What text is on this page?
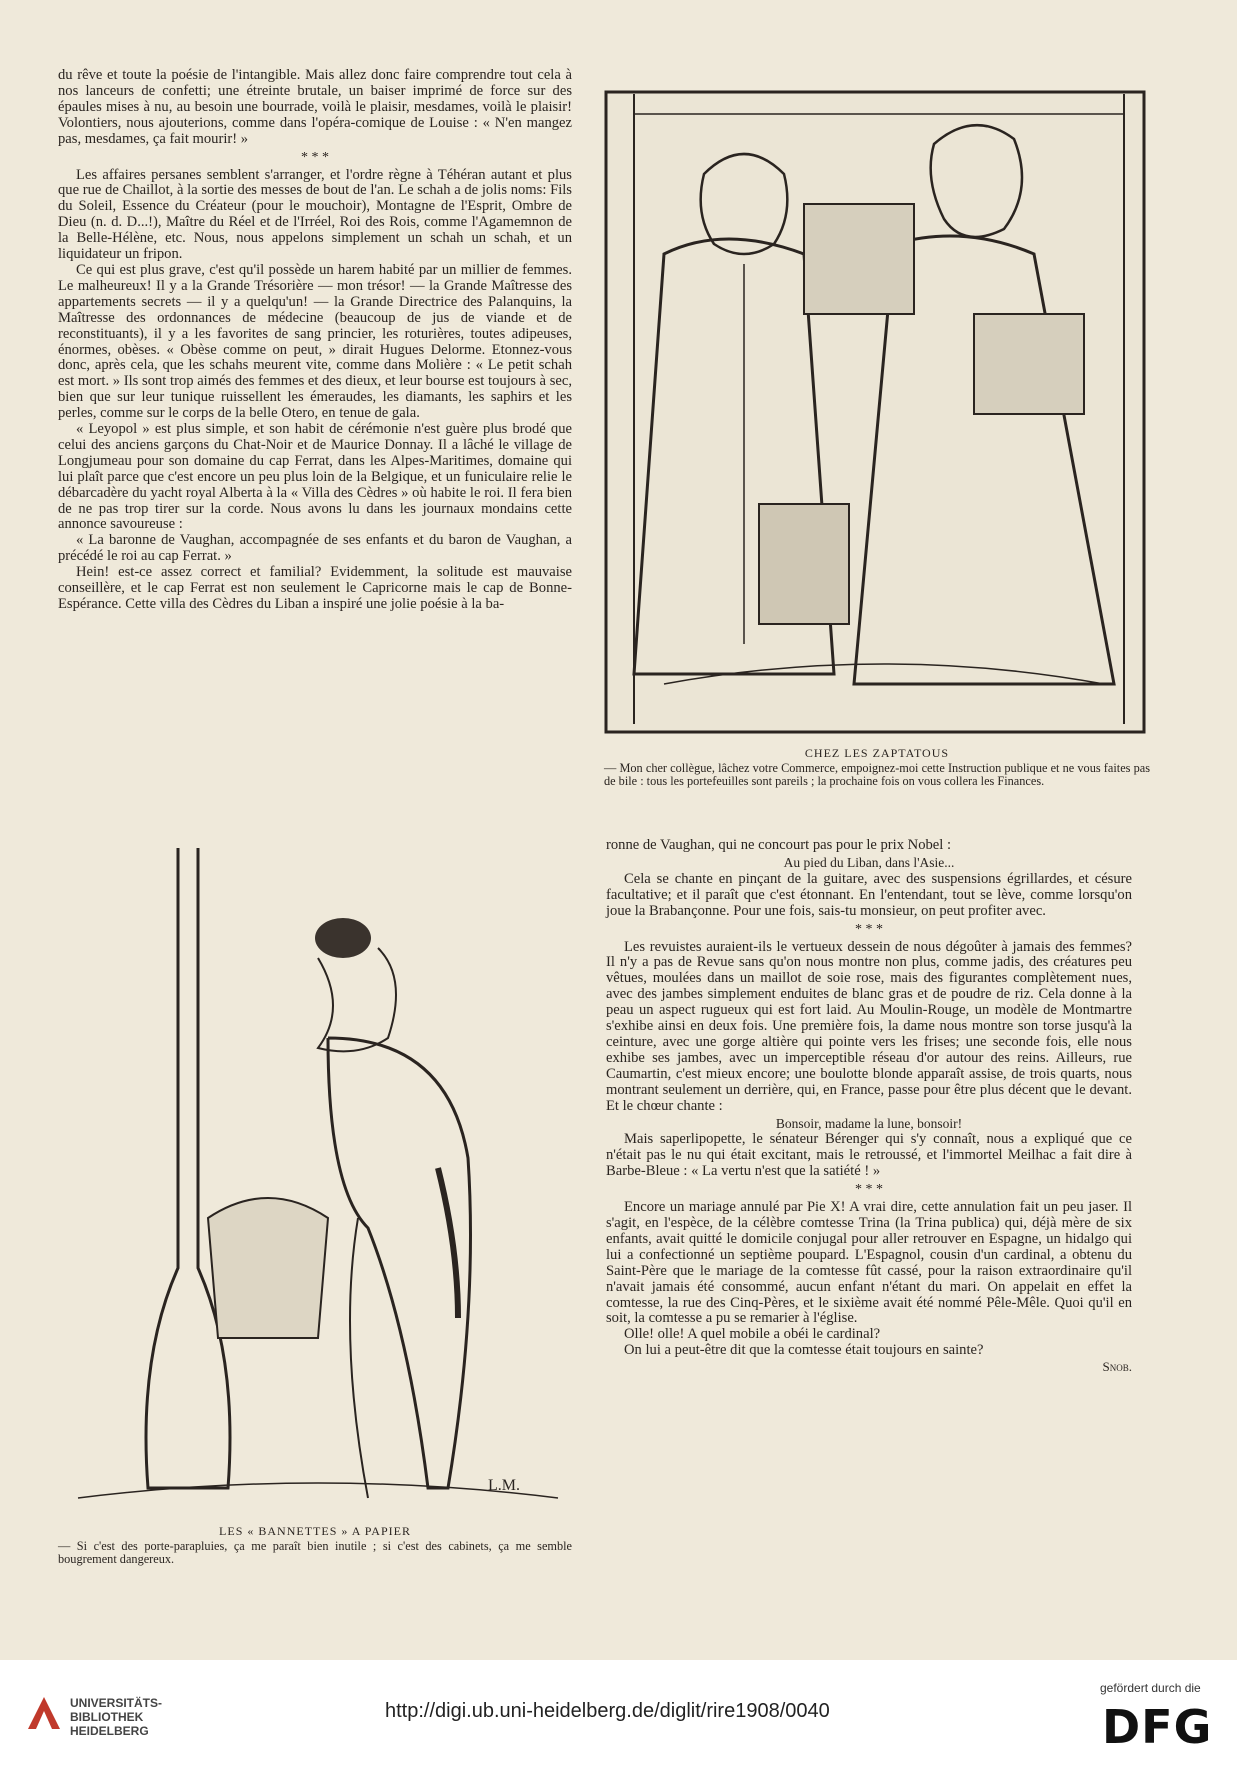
du rêve et toute la poésie de l'intangible. Mais allez donc faire comprendre tout cela à nos lanceurs de confetti; une étreinte brutale, un baiser imprimé de force sur des épaules mises à nu, au besoin une bourrade, voilà le plaisir, mesdames, voilà le plaisir! Volontiers, nous ajouterions, comme dans l'opéra-comique de Louise : « N'en mangez pas, mesdames, ça fait mourir! »

* * *

Les affaires persanes semblent s'arranger, et l'ordre règne à Téhéran autant et plus que rue de Chaillot, à la sortie des messes de bout de l'an. Le schah a de jolis noms: Fils du Soleil, Essence du Créateur (pour le mouchoir), Montagne de l'Esprit, Ombre de Dieu (n. d. D...!), Maître du Réel et de l'Irréel, Roi des Rois, comme l'Agamemnon de la Belle-Hélène, etc. Nous, nous appelons simplement un schah un schah, et un liquidateur un fripon.

Ce qui est plus grave, c'est qu'il possède un harem habité par un millier de femmes. Le malheureux! Il y a la Grande Trésorière — mon trésor! — la Grande Maîtresse des appartements secrets — il y a quelqu'un! — la Grande Directrice des Palanquins, la Maîtresse des ordonnances de médecine (beaucoup de jus de viande et de reconstituants), il y a les favorites de sang princier, les roturières, toutes adipeuses, énormes, obèses. « Obèse comme on peut, » dirait Hugues Delorme. Etonnez-vous donc, après cela, que les schahs meurent vite, comme dans Molière : « Le petit schah est mort. » Ils sont trop aimés des femmes et des dieux, et leur bourse est toujours à sec, bien que sur leur tunique ruissellent les émeraudes, les diamants, les saphirs et les perles, comme sur le corps de la belle Otero, en tenue de gala.

« Leyopol » est plus simple, et son habit de cérémonie n'est guère plus brodé que celui des anciens garçons du Chat-Noir et de Maurice Donnay. Il a lâché le village de Longjumeau pour son domaine du cap Ferrat, dans les Alpes-Maritimes, domaine qui lui plaît parce que c'est encore un peu plus loin de la Belgique, et un funiculaire relie le débarcadère du yacht royal Alberta à la « Villa des Cèdres » où habite le roi. Il fera bien de ne pas trop tirer sur la corde. Nous avons lu dans les journaux mondains cette annonce savoureuse :

« La baronne de Vaughan, accompagnée de ses enfants et du baron de Vaughan, a précédé le roi au cap Ferrat. »

Hein! est-ce assez correct et familial? Evidemment, la solitude est mauvaise conseillère, et le cap Ferrat est non seulement le Capricorne mais le cap de Bonne-Espérance. Cette villa des Cèdres du Liban a inspiré une jolie poésie à la ba-

CHEZ LES ZAPTATOUS
— Mon cher collègue, lâchez votre Commerce, empoignez-moi cette Instruction publique et ne vous faites pas de bile : tous les portefeuilles sont pareils ; la prochaine fois on vous collera les Finances.
L.M.
LES « BANNETTES » A PAPIER
— Si c'est des porte-parapluies, ça me paraît bien inutile ; si c'est des cabinets, ça me semble bougrement dangereux.

ronne de Vaughan, qui ne concourt pas pour le prix Nobel :

Au pied du Liban, dans l'Asie...

Cela se chante en pinçant de la guitare, avec des suspensions égrillardes, et césure facultative; et il paraît que c'est étonnant. En l'entendant, tout se lève, comme lorsqu'on joue la Brabançonne. Pour une fois, sais-tu monsieur, on peut profiter avec.

* * *

Les revuistes auraient-ils le vertueux dessein de nous dégoûter à jamais des femmes? Il n'y a pas de Revue sans qu'on nous montre non plus, comme jadis, des créatures peu vêtues, moulées dans un maillot de soie rose, mais des figurantes complètement nues, avec des jambes simplement enduites de blanc gras et de poudre de riz. Cela donne à la peau un aspect rugueux qui est fort laid. Au Moulin-Rouge, un modèle de Montmartre s'exhibe ainsi en deux fois. Une première fois, la dame nous montre son torse jusqu'à la ceinture, avec une gorge altière qui pointe vers les frises; une seconde fois, elle nous exhibe ses jambes, avec un imperceptible réseau d'or autour des reins. Ailleurs, rue Caumartin, c'est mieux encore; une boulotte blonde apparaît assise, de trois quarts, nous montrant seulement un derrière, qui, en France, passe pour être plus décent que le devant. Et le chœur chante :

Bonsoir, madame la lune, bonsoir!

Mais saperlipopette, le sénateur Bérenger qui s'y connaît, nous a expliqué que ce n'était pas le nu qui était excitant, mais le retroussé, et l'immortel Meilhac a fait dire à Barbe-Bleue : « La vertu n'est que la satiété ! »

* * *

Encore un mariage annulé par Pie X! A vrai dire, cette annulation fait un peu jaser. Il s'agit, en l'espèce, de la célèbre comtesse Trina (la Trina publica) qui, déjà mère de six enfants, avait quitté le domicile conjugal pour aller retrouver en Espagne, un hidalgo qui lui a confectionné un septième poupard. L'Espagnol, cousin d'un cardinal, a obtenu du Saint-Père que le mariage de la comtesse fût cassé, pour la raison extraordinaire qu'il n'avait jamais été consommé, aucun enfant n'étant du mari. On appelait en effet la comtesse, la rue des Cinq-Pères, et le sixième avait été nommé Pêle-Mêle. Quoi qu'il en soit, la comtesse a pu se remarier à l'église.

Olle! olle! A quel mobile a obéi le cardinal?

On lui a peut-être dit que la comtesse était toujours en sainte?

Snob.
UNIVERSITÄTS-
BIBLIOTHEK
HEIDELBERG
http://digi.ub.uni-heidelberg.de/diglit/rire1908/0040
gefördert durch die
DFG
